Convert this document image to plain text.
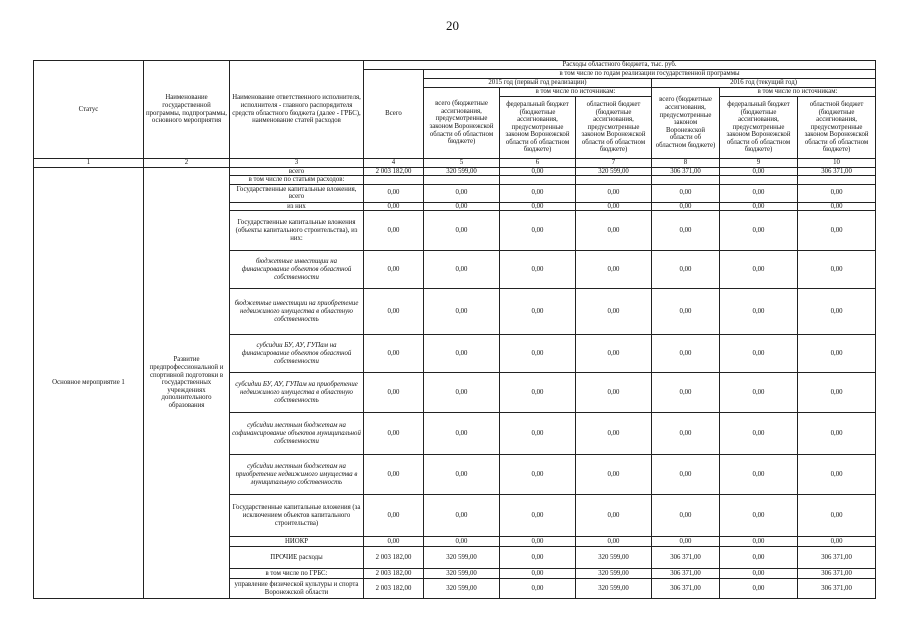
20
Статус	Наименование государственной программы, подпрограммы, основного мероприятия	Наименование ответственного исполнителя, исполнителя - главного распорядителя средств областного бюджета (далее - ГРБС), наименование статей расходов	Расходы областного бюджета, тыс. руб.						
			Всего	в том числе по годам реализации государственной программы					
				2015 год (первый год реализации)			2016 год (текущий год)		
				всего (бюджетные ассигнования, предусмотренные законом Воронежской области об областном бюджете)	в том числе по источникам:		всего (бюджетные ассигнования, предусмотренные законом Воронежской области об областном бюджете)	в том числе по источникам:	
					федеральный бюджет (бюджетные ассигнования, предусмотренные законом Воронежской области об областном бюджете)	областной бюджет (бюджетные ассигнования, предусмотренные законом Воронежской области об областном бюджете)		федеральный бюджет (бюджетные ассигнования, предусмотренные законом Воронежской области об областном бюджете)	областной бюджет (бюджетные ассигнования, предусмотренные законом Воронежской области об областном бюджете)
1	2	3	4	5	6	7	8	9	10
Основное мероприятие 1	Развитие предпрофессиональной и спортивной подготовки в государственных учреждениях дополнительного образования	всего	2 003 182,00	320 599,00	0,00	320 599,00	306 371,00	0,00	306 371,00
		в том числе по статьям расходов:							
		Государственные капитальные вложения, всего	0,00	0,00	0,00	0,00	0,00	0,00	0,00
		из них	0,00	0,00	0,00	0,00	0,00	0,00	0,00
		Государственные капитальные вложения (объекты капитального строительства), из них:	0,00	0,00	0,00	0,00	0,00	0,00	0,00
		бюджетные инвестиции на финансирование объектов областной собственности	0,00	0,00	0,00	0,00	0,00	0,00	0,00
		бюджетные инвестиции на приобретение недвижимого имущества в областную собственность	0,00	0,00	0,00	0,00	0,00	0,00	0,00
		субсидии БУ, АУ, ГУПам на финансирование объектов областной собственности	0,00	0,00	0,00	0,00	0,00	0,00	0,00
		субсидии БУ, АУ, ГУПам на приобретение недвижимого имущества в областную собственность	0,00	0,00	0,00	0,00	0,00	0,00	0,00
		субсидии местным бюджетам на софинансирование объектов муниципальной собственности	0,00	0,00	0,00	0,00	0,00	0,00	0,00
		субсидии местным бюджетам на приобретение недвижимого имущества в муниципальную собственность	0,00	0,00	0,00	0,00	0,00	0,00	0,00
		Государственные капитальные вложения (за исключением объектов капитального строительства)	0,00	0,00	0,00	0,00	0,00	0,00	0,00
		НИОКР	0,00	0,00	0,00	0,00	0,00	0,00	0,00
		ПРОЧИЕ расходы	2 003 182,00	320 599,00	0,00	320 599,00	306 371,00	0,00	306 371,00
		в том числе по ГРБС:	2 003 182,00	320 599,00	0,00	320 599,00	306 371,00	0,00	306 371,00
		управление физической культуры и спорта Воронежской области	2 003 182,00	320 599,00	0,00	320 599,00	306 371,00	0,00	306 371,00
